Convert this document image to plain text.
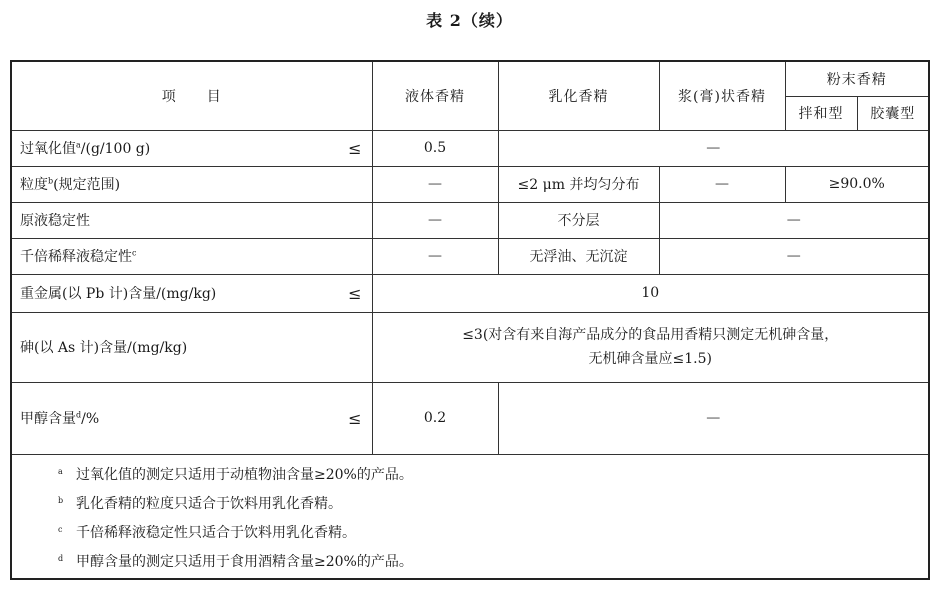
表 2（续）
项　　目	液体香精	乳化香精	浆(膏)状香精	粉末香精	
				拌和型	胶囊型

过氧化值$^a$/(g/100 g) ≤	0.5	—			
粒度$^b$(规定范围)	—	≤2 μm 并均匀分布	—	≥90.0%	
原液稳定性	—	不分层	—		
千倍稀释液稳定性$^c$	—	无浮油、无沉淀	—		

重金属(以 Pb 计)含量/(mg/kg) ≤	10				
砷(以 As 计)含量/(mg/kg)	≤3(对含有来自海产品成分的食品用香精只测定无机砷含量，
无机砷含量应≤1.5)				

甲醇含量$^d$/% ≤	0.2	—			
a 过氧化值的测定只适用于动植物油含量≥20%的产品。
b 乳化香精的粒度只适合于饮料用乳化香精。
c 千倍稀释液稳定性只适合于饮料用乳化香精。
d 甲醇含量的测定只适用于食用酒精含量≥20%的产品。
